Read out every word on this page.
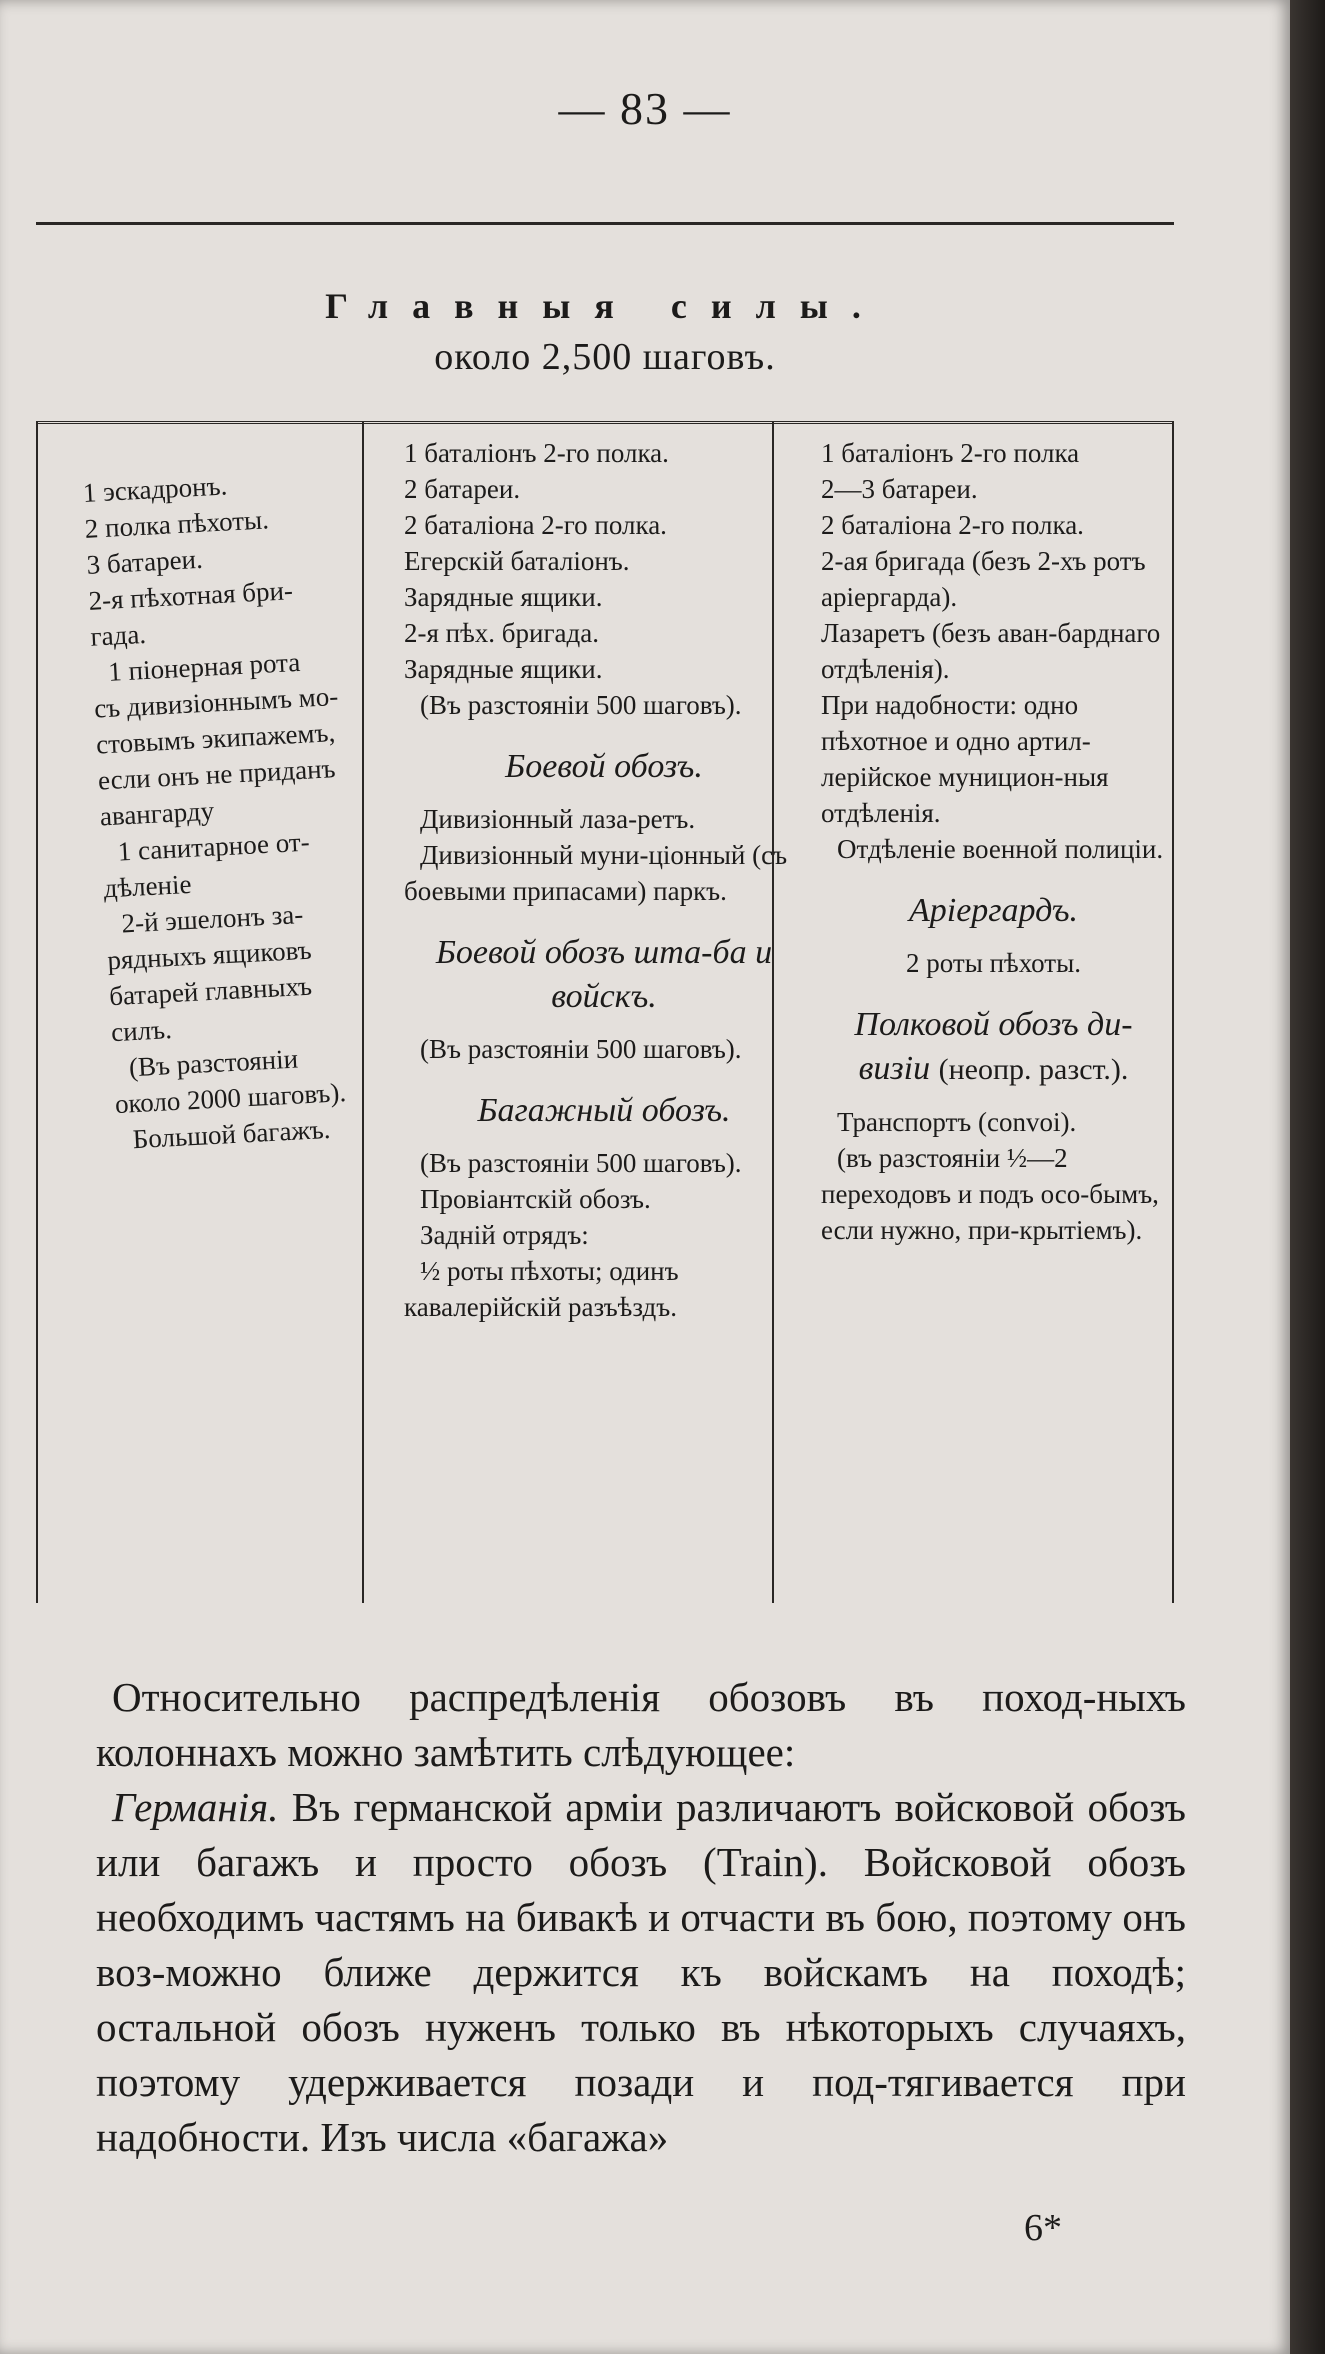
— 83 —
Главныя силы.
около 2,500 шаговъ.

1 эскадронъ.

2 полка пѣхоты.

3 батареи.

2-я пѣхотная бри-

гада.

1 піонерная рота

съ дивизіоннымъ мо-

стовымъ экипажемъ,

если онъ не приданъ

авангарду

1 санитарное от-

дѣленіе

2-й эшелонъ за-

рядныхъ ящиковъ

батарей главныхъ

силъ.

(Въ разстояніи

около 2000 шаговъ).

Большой багажъ.

1 баталіонъ 2-го полка.

2 батареи.

2 баталіона 2-го полка.

Егерскій баталіонъ.

Зарядные ящики.

2-я пѣх. бригада.

Зарядные ящики.

(Въ разстояніи 500 шаговъ).

Боевой обозъ.

Дивизіонный лаза-ретъ.

Дивизіонный муни-ціонный (съ боевыми припасами) паркъ.

Боевой обозъ шта-ба и войскъ.

(Въ разстояніи 500 шаговъ).

Багажный обозъ.

(Въ разстояніи 500 шаговъ).

Провіантскій обозъ.

Задній отрядъ:

½ роты пѣхоты; одинъ кавалерійскій разъѣздъ.

1 баталіонъ 2-го полка

2—3 батареи.

2 баталіона 2-го полка.

2-ая бригада (безъ 2-хъ ротъ аріергарда).

Лазаретъ (безъ аван-барднаго отдѣленія).

При надобности: одно пѣхотное и одно артил-лерійское мунициoн-ныя отдѣленія.

Отдѣленіе военной полиціи.

Аріергардъ.

2 роты пѣхоты.

Полковой обозъ ди-визіи (неопр. разст.).

Транспортъ (convoi).

(въ разстояніи ½—2 переходовъ и подъ осо-бымъ, если нужно, при-крытіемъ).

Относительно распредѣленія обозовъ въ поход-ныхъ колоннахъ можно замѣтить слѣдующее:

Германія. Въ германской арміи различаютъ войсковой обозъ или багажъ и просто обозъ (Train). Войсковой обозъ необходимъ частямъ на бивакѣ и отчасти въ бою, поэтому онъ воз-можно ближе держится къ войскамъ на походѣ; остальной обозъ нуженъ только въ нѣкоторыхъ случаяхъ, поэтому удерживается позади и под-тягивается при надобности. Изъ числа «багажа»

6*
